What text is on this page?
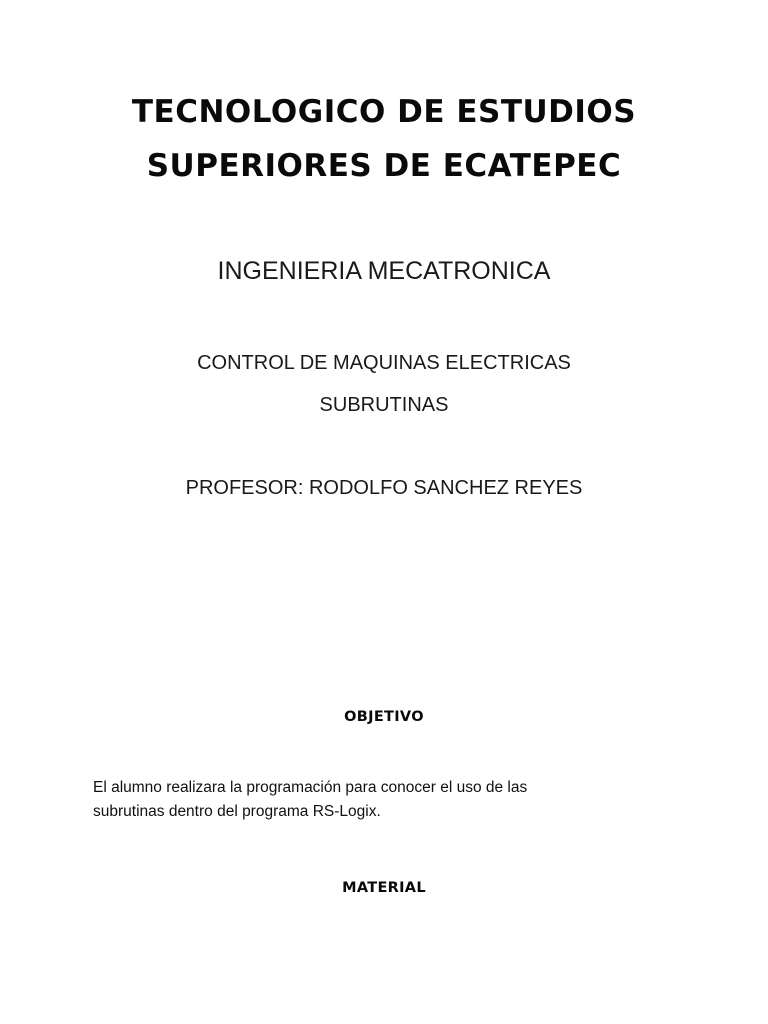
TECNOLOGICO DE ESTUDIOS
SUPERIORES DE ECATEPEC
INGENIERIA MECATRONICA
CONTROL DE MAQUINAS ELECTRICAS
SUBRUTINAS
PROFESOR: RODOLFO SANCHEZ REYES
OBJETIVO
El alumno realizara la programación para conocer el uso de las
subrutinas dentro del programa RS-Logix.
MATERIAL
